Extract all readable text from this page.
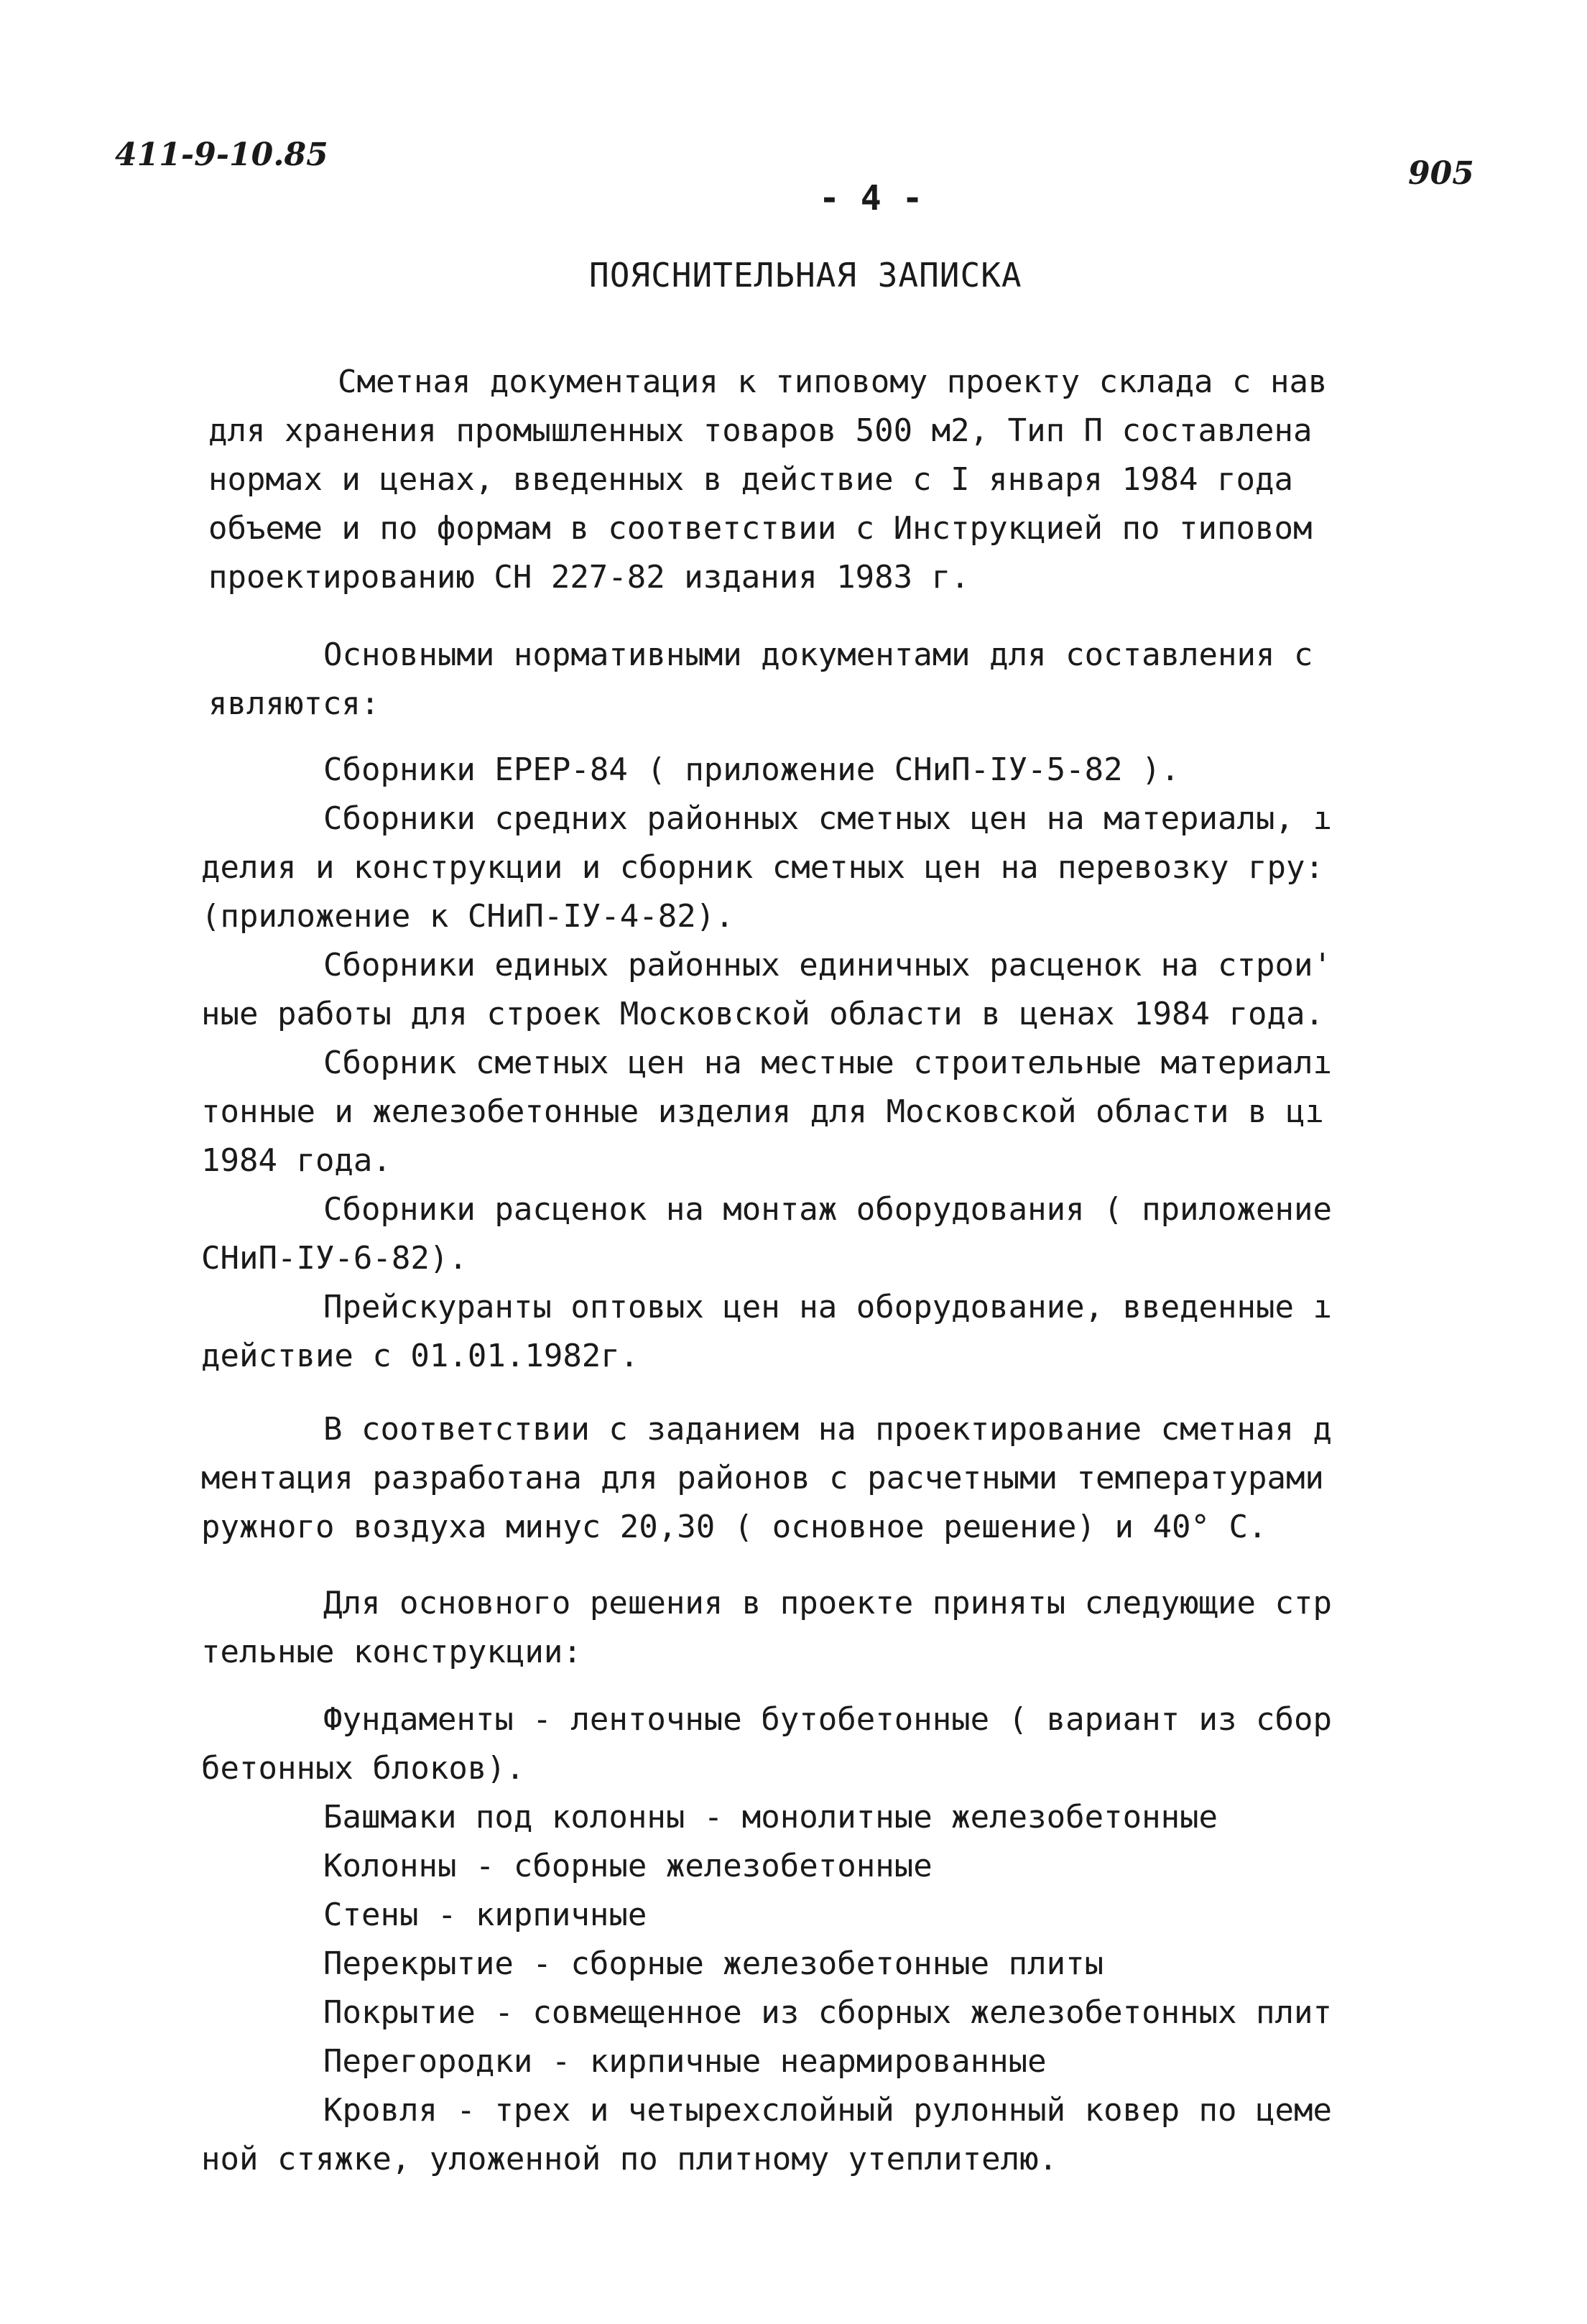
411-9-10.85
905
- 4 -
ПОЯСНИТЕЛЬНАЯ ЗАПИСКА
Сметная документация к типовому проекту склада с нав
для хранения промышленных товаров 500 м2, Тип П составлена
нормах и ценах, введенных в действие с I января 1984 года
объеме и по формам в соответствии с Инструкцией по типовом
проектированию СН 227-82 издания 1983 г.
Основными нормативными документами для составления с
являются:
Сборники ЕРЕР-84 ( приложение СНиП-IУ-5-82 ).
Сборники средних районных сметных цен на материалы, ı
делия и конструкции и сборник сметных цен на перевозку гру:
(приложение к СНиП-IУ-4-82).
Сборники единых районных единичных расценок на строи'
ные работы для строек Московской области в ценах 1984 года.
Сборник сметных цен на местные строительные материалı
тонные и железобетонные изделия для Московской области в цı
1984 года.
Сборники расценок на монтаж оборудования ( приложение
СНиП-IУ-6-82).
Прейскуранты оптовых цен на оборудование, введенные ı
действие с 01.01.1982г.
В соответствии с заданием на проектирование сметная д
ментация разработана для районов с расчетными температурами
ружного воздуха минус 20,30 ( основное решение) и 40° С.
Для основного решения в проекте приняты следующие стр
тельные конструкции:
Фундаменты - ленточные бутобетонные ( вариант из сбор
бетонных блоков).
Башмаки под колонны - монолитные железобетонные
Колонны - сборные железобетонные
Стены - кирпичные
Перекрытие - сборные железобетонные плиты
Покрытие - совмещенное из сборных железобетонных плит
Перегородки - кирпичные неармированные
Кровля - трех и четырехслойный рулонный ковер по цеме
ной стяжке, уложенной по плитному утеплителю.
